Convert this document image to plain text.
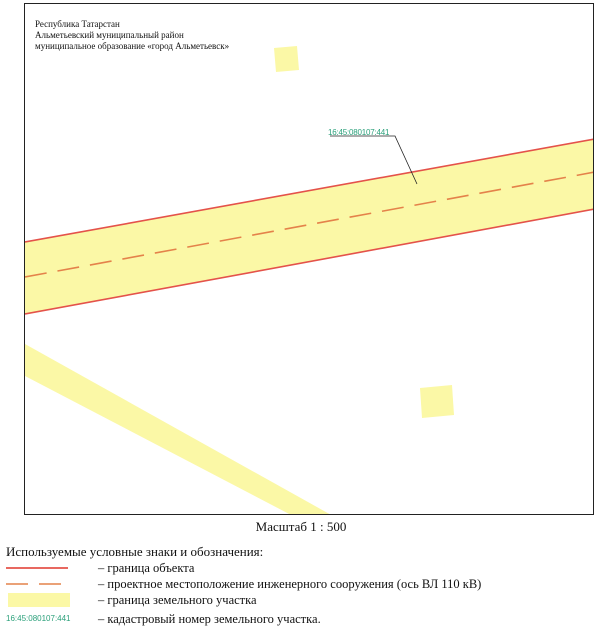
Республика Татарстан
Альметьевский муниципальный район
муниципальное образование «город Альметьевск»
16:45:080107:441
Масштаб 1 : 500
Используемые условные знаки и обозначения:
– граница объекта
– проектное местоположение инженерного сооружения (ось ВЛ 110 кВ)
– граница земельного участка
16:45:080107:441 – кадастровый номер земельного участка.
